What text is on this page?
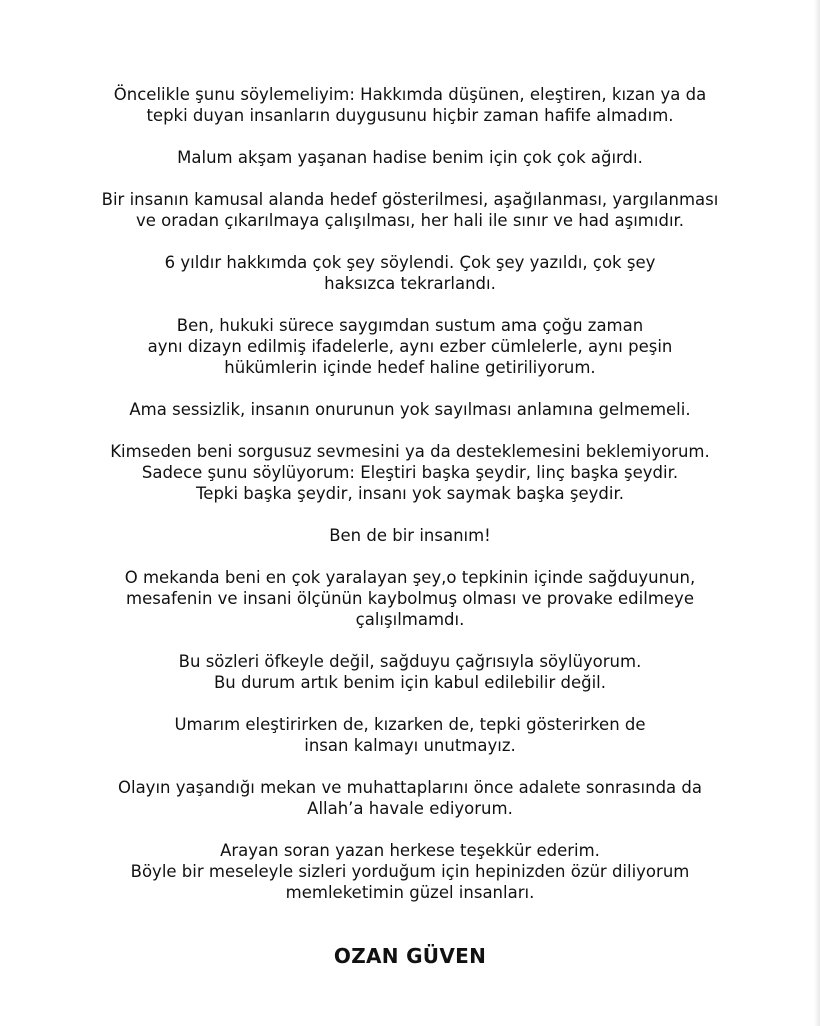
Öncelikle şunu söylemeliyim: Hakkımda düşünen, eleştiren, kızan ya da
tepki duyan insanların duygusunu hiçbir zaman hafife almadım.

Malum akşam yaşanan hadise benim için çok çok ağırdı.

Bir insanın kamusal alanda hedef gösterilmesi, aşağılanması, yargılanması
ve oradan çıkarılmaya çalışılması, her hali ile sınır ve had aşımıdır.

6 yıldır hakkımda çok şey söylendi. Çok şey yazıldı, çok şey
haksızca tekrarlandı.

Ben, hukuki sürece saygımdan sustum ama çoğu zaman
aynı dizayn edilmiş ifadelerle, aynı ezber cümlelerle, aynı peşin
hükümlerin içinde hedef haline getiriliyorum.

Ama sessizlik, insanın onurunun yok sayılması anlamına gelmemeli.

Kimseden beni sorgusuz sevmesini ya da desteklemesini beklemiyorum.
Sadece şunu söylüyorum: Eleştiri başka şeydir, linç başka şeydir.
Tepki başka şeydir, insanı yok saymak başka şeydir.

Ben de bir insanım!

O mekanda beni en çok yaralayan şey,o tepkinin içinde sağduyunun,
mesafenin ve insani ölçünün kaybolmuş olması ve provake edilmeye
çalışılmamdı.

Bu sözleri öfkeyle değil, sağduyu çağrısıyla söylüyorum.
Bu durum artık benim için kabul edilebilir değil.

Umarım eleştirirken de, kızarken de, tepki gösterirken de
insan kalmayı unutmayız.

Olayın yaşandığı mekan ve muhattaplarını önce adalete sonrasında da
Allah’a havale ediyorum.

Arayan soran yazan herkese teşekkür ederim.
Böyle bir meseleyle sizleri yorduğum için hepinizden özür diliyorum
memleketimin güzel insanları.

OZAN GÜVEN
